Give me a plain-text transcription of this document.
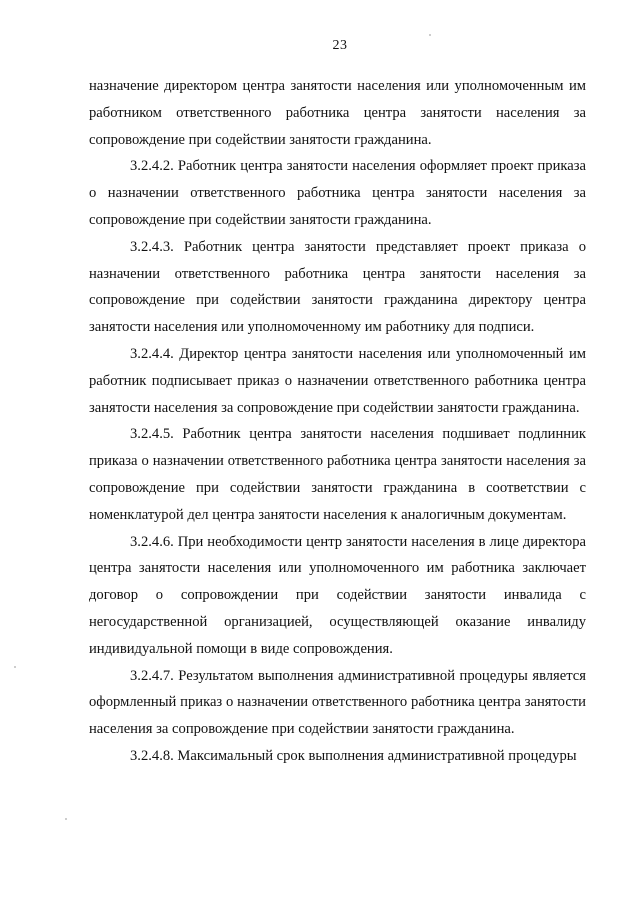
23

назначение директором центра занятости населения или уполномоченным им работником ответственного работника центра занятости населения за сопровождение при содействии занятости гражданина.

3.2.4.2. Работник центра занятости населения оформляет проект приказа о назначении ответственного работника центра занятости населения за сопровождение при содействии занятости гражданина.

3.2.4.3. Работник центра занятости представляет проект приказа о назначении ответственного работника центра занятости населения за сопровождение при содействии занятости гражданина директору центра занятости населения или уполномоченному им работнику для подписи.

3.2.4.4. Директор центра занятости населения или уполномоченный им работник подписывает приказ о назначении ответственного работника центра занятости населения за сопровождение при содействии занятости гражданина.

3.2.4.5. Работник центра занятости населения подшивает подлинник приказа о назначении ответственного работника центра занятости населения за сопровождение при содействии занятости гражданина в соответствии с номенклатурой дел центра занятости населения к аналогичным документам.

3.2.4.6. При необходимости центр занятости населения в лице директора центра занятости населения или уполномоченного им работника заключает договор о сопровождении при содействии занятости инвалида с негосударственной организацией, осуществляющей оказание инвалиду индивидуальной помощи в виде сопровождения.

3.2.4.7. Результатом выполнения административной процедуры является оформленный приказ о назначении ответственного работника центра занятости населения за сопровождение при содействии занятости гражданина.

3.2.4.8. Максимальный срок выполнения административной процедуры
